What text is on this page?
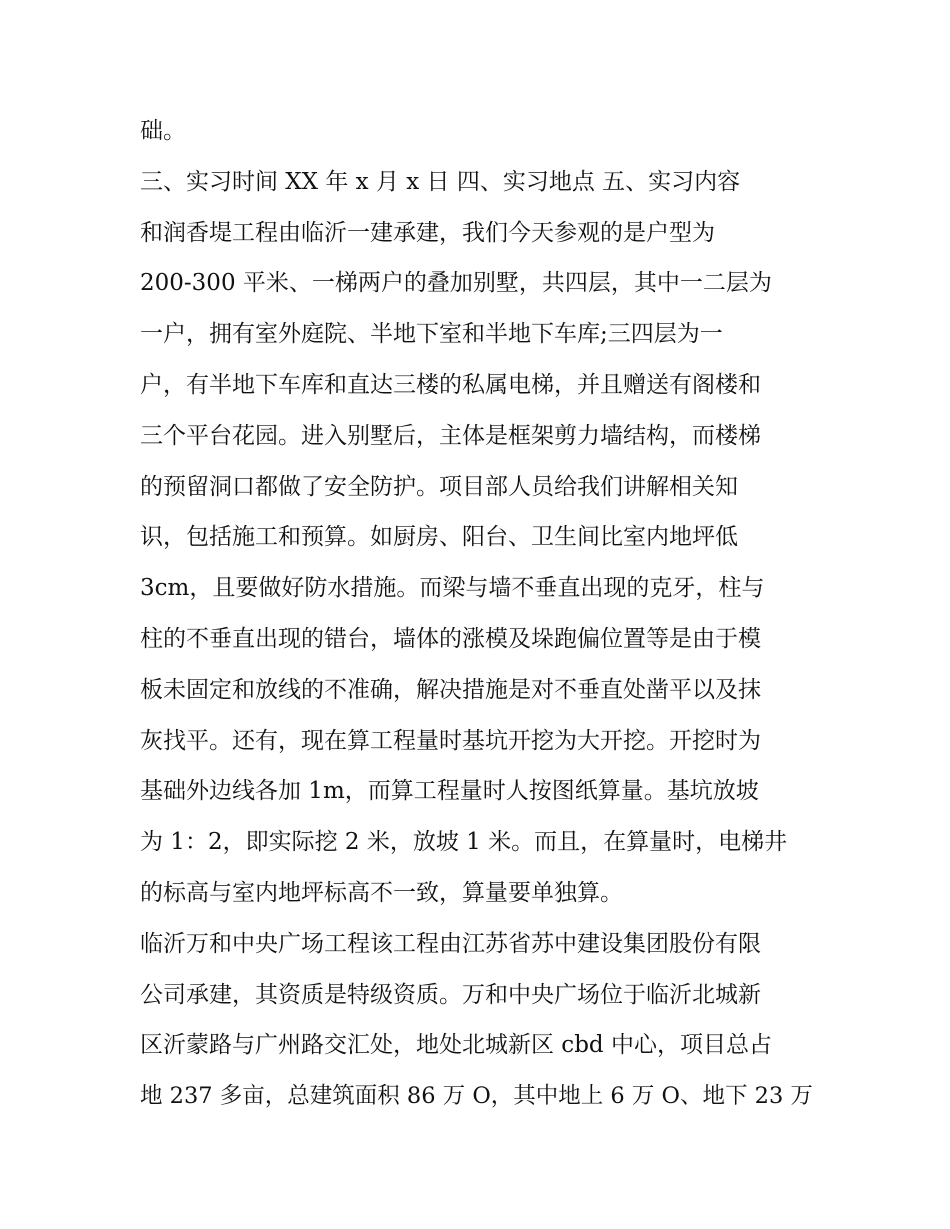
础。
三、实习时间 XX 年 x 月 x 日 四、实习地点 五、实习内容
和润香堤工程由临沂一建承建，我们今天参观的是户型为
200-300 平米、一梯两户的叠加别墅，共四层，其中一二层为
一户，拥有室外庭院、半地下室和半地下车库;三四层为一
户，有半地下车库和直达三楼的私属电梯，并且赠送有阁楼和
三个平台花园。进入别墅后，主体是框架剪力墙结构，而楼梯
的预留洞口都做了安全防护。项目部人员给我们讲解相关知
识，包括施工和预算。如厨房、阳台、卫生间比室内地坪低
3cm，且要做好防水措施。而梁与墙不垂直出现的克牙，柱与
柱的不垂直出现的错台，墙体的涨模及垛跑偏位置等是由于模
板未固定和放线的不准确，解决措施是对不垂直处凿平以及抹
灰找平。还有，现在算工程量时基坑开挖为大开挖。开挖时为
基础外边线各加 1m，而算工程量时人按图纸算量。基坑放坡
为 1：2，即实际挖 2 米，放坡 1 米。而且，在算量时，电梯井
的标高与室内地坪标高不一致，算量要单独算。
临沂万和中央广场工程该工程由江苏省苏中建设集团股份有限
公司承建，其资质是特级资质。万和中央广场位于临沂北城新
区沂蒙路与广州路交汇处，地处北城新区 cbd 中心，项目总占
地 237 多亩，总建筑面积 86 万 O，其中地上 6 万 O、地下 23 万
